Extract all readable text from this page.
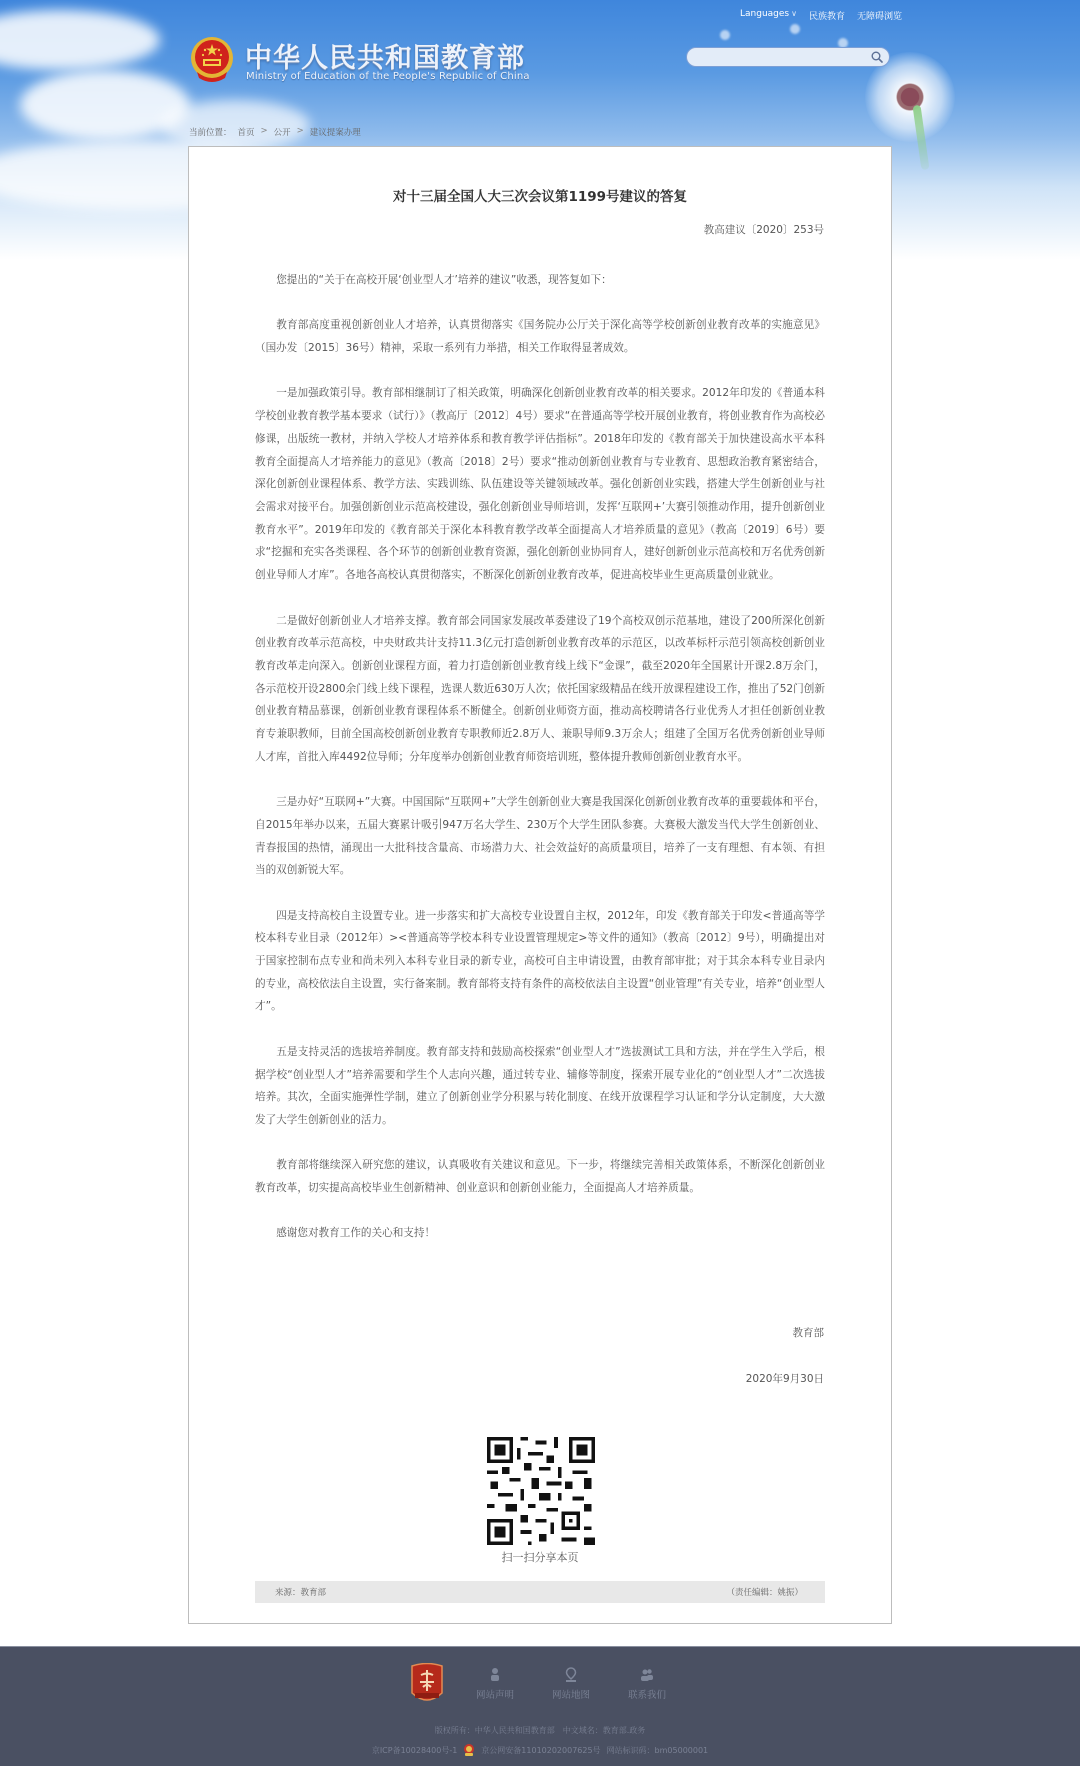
Languages ∨ 民族教育 无障碍浏览
中华人民共和国教育部
Ministry of Education of the People's Republic of China
当前位置： 首页 > 公开 > 建议提案办理
对十三届全国人大三次会议第1199号建议的答复
教高建议〔2020〕253号

您提出的“关于在高校开展‘创业型人才’培养的建议”收悉，现答复如下：

教育部高度重视创新创业人才培养，认真贯彻落实《国务院办公厅关于深化高等学校创新创业教育改革的实施意见》（国办发〔2015〕36号）精神，采取一系列有力举措，相关工作取得显著成效。

一是加强政策引导。教育部相继制订了相关政策，明确深化创新创业教育改革的相关要求。2012年印发的《普通本科学校创业教育教学基本要求（试行）》（教高厅〔2012〕4号）要求“在普通高等学校开展创业教育，将创业教育作为高校必修课，出版统一教材，并纳入学校人才培养体系和教育教学评估指标”。2018年印发的《教育部关于加快建设高水平本科教育全面提高人才培养能力的意见》（教高〔2018〕2号）要求“推动创新创业教育与专业教育、思想政治教育紧密结合，深化创新创业课程体系、教学方法、实践训练、队伍建设等关键领域改革。强化创新创业实践，搭建大学生创新创业与社会需求对接平台。加强创新创业示范高校建设，强化创新创业导师培训，发挥‘互联网+’大赛引领推动作用，提升创新创业教育水平”。2019年印发的《教育部关于深化本科教育教学改革全面提高人才培养质量的意见》（教高〔2019〕6号）要求“挖掘和充实各类课程、各个环节的创新创业教育资源，强化创新创业协同育人，建好创新创业示范高校和万名优秀创新创业导师人才库”。各地各高校认真贯彻落实，不断深化创新创业教育改革，促进高校毕业生更高质量创业就业。

二是做好创新创业人才培养支撑。教育部会同国家发展改革委建设了19个高校双创示范基地，建设了200所深化创新创业教育改革示范高校，中央财政共计支持11.3亿元打造创新创业教育改革的示范区，以改革标杆示范引领高校创新创业教育改革走向深入。创新创业课程方面，着力打造创新创业教育线上线下“金课”，截至2020年全国累计开课2.8万余门，各示范校开设2800余门线上线下课程，选课人数近630万人次；依托国家级精品在线开放课程建设工作，推出了52门创新创业教育精品慕课，创新创业教育课程体系不断健全。创新创业师资方面，推动高校聘请各行业优秀人才担任创新创业教育专兼职教师，目前全国高校创新创业教育专职教师近2.8万人、兼职导师9.3万余人；组建了全国万名优秀创新创业导师人才库，首批入库4492位导师；分年度举办创新创业教育师资培训班，整体提升教师创新创业教育水平。

三是办好“互联网+”大赛。中国国际“互联网+”大学生创新创业大赛是我国深化创新创业教育改革的重要载体和平台，自2015年举办以来，五届大赛累计吸引947万名大学生、230万个大学生团队参赛。大赛极大激发当代大学生创新创业、青春报国的热情，涌现出一大批科技含量高、市场潜力大、社会效益好的高质量项目，培养了一支有理想、有本领、有担当的双创新锐大军。

四是支持高校自主设置专业。进一步落实和扩大高校专业设置自主权，2012年，印发《教育部关于印发<普通高等学校本科专业目录（2012年）><普通高等学校本科专业设置管理规定>等文件的通知》（教高〔2012〕9号），明确提出对于国家控制布点专业和尚未列入本科专业目录的新专业，高校可自主申请设置，由教育部审批；对于其余本科专业目录内的专业，高校依法自主设置，实行备案制。教育部将支持有条件的高校依法自主设置“创业管理”有关专业，培养“创业型人才”。

五是支持灵活的选拔培养制度。教育部支持和鼓励高校探索“创业型人才”选拔测试工具和方法，并在学生入学后，根据学校“创业型人才”培养需要和学生个人志向兴趣，通过转专业、辅修等制度，探索开展专业化的“创业型人才”二次选拔培养。其次，全面实施弹性学制，建立了创新创业学分积累与转化制度、在线开放课程学习认证和学分认定制度，大大激发了大学生创新创业的活力。

教育部将继续深入研究您的建议，认真吸收有关建议和意见。下一步，将继续完善相关政策体系，不断深化创新创业教育改革，切实提高高校毕业生创新精神、创业意识和创新创业能力，全面提高人才培养质量。

感谢您对教育工作的关心和支持！

教育部
2020年9月30日
扫一扫分享本页
来源：教育部	（责任编辑：姚振）
网站声明	网站地图	联系我们
版权所有：中华人民共和国教育部　中文域名：教育部.政务
京ICP备10028400号-1	京公网安备11010202007625号 网站标识码：bm05000001
